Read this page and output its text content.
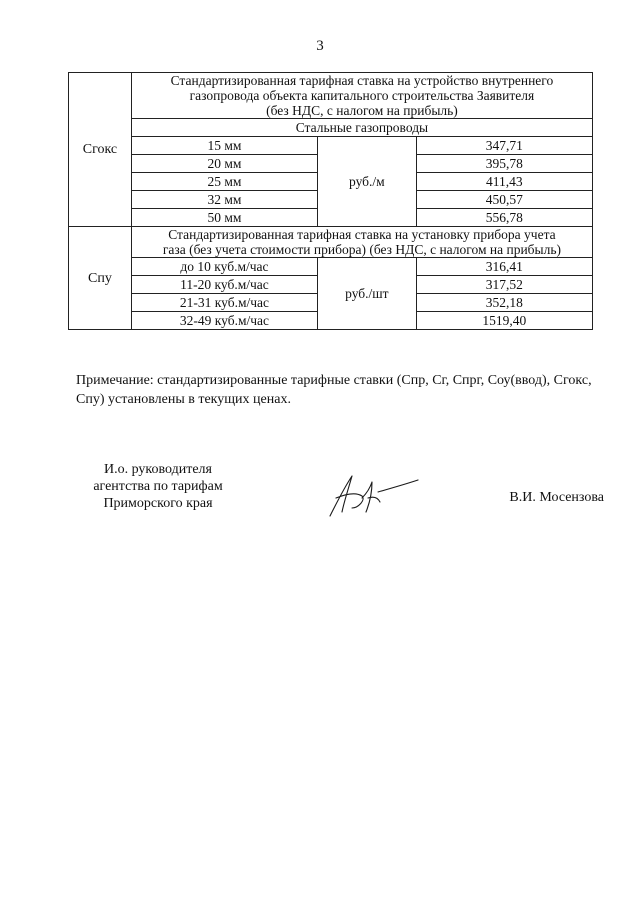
3
Сгокс	Стандартизированная тарифная ставка на устройство внутреннего
газопровода объекта капитального строительства Заявителя
(без НДС, с налогом на прибыль)		

	Стальные газопроводы		
	15 мм	руб./м	347,71
	20 мм		395,78
	25 мм		411,43
	32 мм		450,57
	50 мм		556,78
Спу	Стандартизированная тарифная ставка на установку прибора учета
газа (без учета стоимости прибора) (без НДС, с налогом на прибыль)		

	до 10 куб.м/час	руб./шт	316,41
	11-20 куб.м/час		317,52
	21-31 куб.м/час		352,18
	32-49 куб.м/час		1519,40
Примечание: стандартизированные тарифные ставки (Спр, Сг, Спрг, Соу(ввод), Сгокс, Спу) установлены в текущих ценах.
И.о. руководителя
агентства по тарифам
Приморского края	В.И. Мосензова
